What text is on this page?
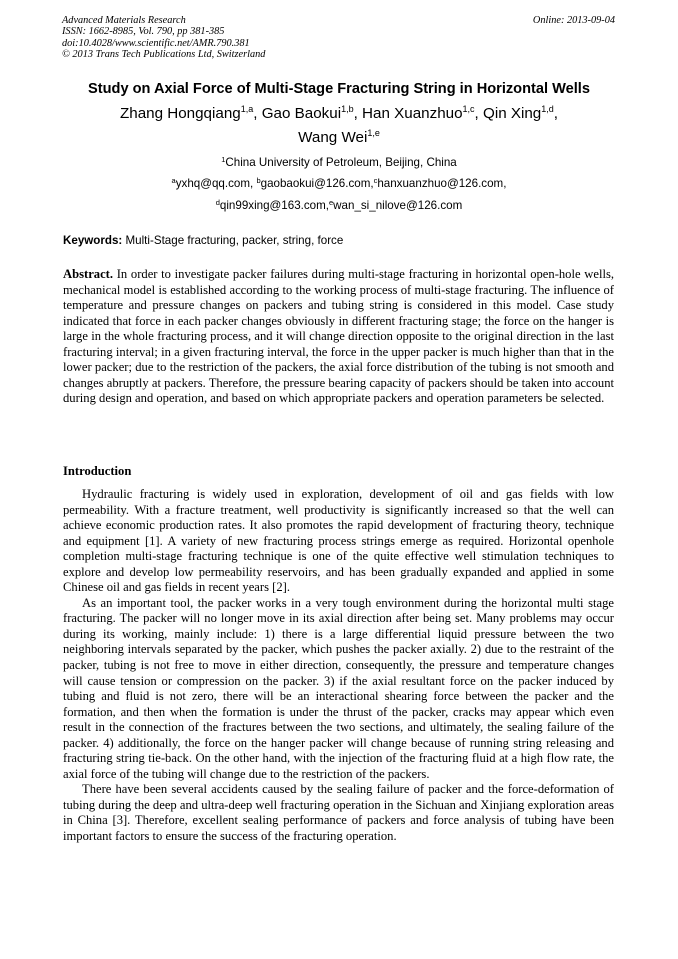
Advanced Materials Research
ISSN: 1662-8985, Vol. 790, pp 381-385
doi:10.4028/www.scientific.net/AMR.790.381
© 2013 Trans Tech Publications Ltd, Switzerland
Online: 2013-09-04
Study on Axial Force of Multi-Stage Fracturing String in Horizontal Wells
Zhang Hongqiang$^{1,a}$, Gao Baokui$^{1,b}$, Han Xuanzhuo$^{1,c}$, Qin Xing$^{1,d}$,
Wang Wei$^{1,e}$
$^1$China University of Petroleum, Beijing, China
$^a$yxhq@qq.com, $^b$gaobaokui@126.com,$^c$hanxuanzhuo@126.com,
$^d$qin99xing@163.com,$^e$wan_si_nilove@126.com
Keywords: Multi-Stage fracturing, packer, string, force

Abstract. In order to investigate packer failures during multi-stage fracturing in horizontal open-hole wells, mechanical model is established according to the working process of multi-stage fracturing. The influence of temperature and pressure changes on packers and tubing string is considered in this model. Case study indicated that force in each packer changes obviously in different fracturing stage; the force on the hanger is large in the whole fracturing process, and it will change direction opposite to the original direction in the last fracturing interval; in a given fracturing interval, the force in the upper packer is much higher than that in the lower packer; due to the restriction of the packers, the axial force distribution of the tubing is not smooth and changes abruptly at packers. Therefore, the pressure bearing capacity of packers should be taken into account during design and operation, and based on which appropriate packers and operation parameters be selected.

Introduction

Hydraulic fracturing is widely used in exploration, development of oil and gas fields with low permeability. With a fracture treatment, well productivity is significantly increased so that the well can achieve economic production rates. It also promotes the rapid development of fracturing theory, technique and equipment [1]. A variety of new fracturing process strings emerge as required. Horizontal openhole completion multi-stage fracturing technique is one of the quite effective well stimulation techniques to explore and develop low permeability reservoirs, and has been gradually expanded and applied in some Chinese oil and gas fields in recent years [2].

As an important tool, the packer works in a very tough environment during the horizontal multi stage fracturing. The packer will no longer move in its axial direction after being set. Many problems may occur during its working, mainly include: 1) there is a large differential liquid pressure between the two neighboring intervals separated by the packer, which pushes the packer axially. 2) due to the restraint of the packer, tubing is not free to move in either direction, consequently, the pressure and temperature changes will cause tension or compression on the packer. 3) if the axial resultant force on the packer induced by tubing and fluid is not zero, there will be an interactional shearing force between the packer and the formation, and then when the formation is under the thrust of the packer, cracks may appear which even result in the connection of the fractures between the two sections, and ultimately, the sealing failure of the packer. 4) additionally, the force on the hanger packer will change because of running string releasing and fracturing string tie-back. On the other hand, with the injection of the fracturing fluid at a high flow rate, the axial force of the tubing will change due to the restriction of the packers.

There have been several accidents caused by the sealing failure of packer and the force-deformation of tubing during the deep and ultra-deep well fracturing operation in the Sichuan and Xinjiang exploration areas in China [3]. Therefore, excellent sealing performance of packers and force analysis of tubing have been important factors to ensure the success of the fracturing operation.
